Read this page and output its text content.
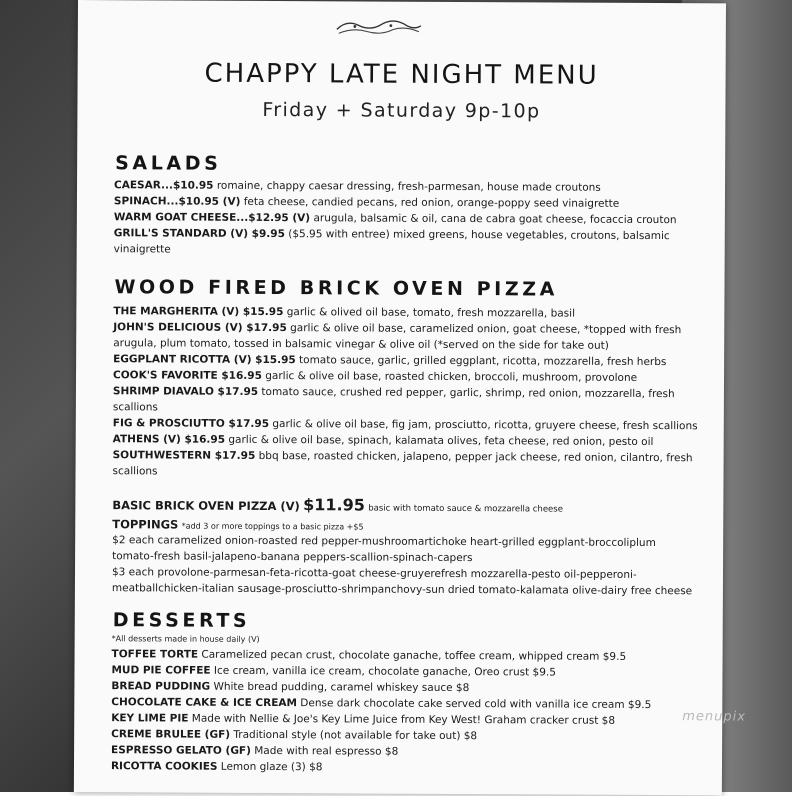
CHAPPY LATE NIGHT MENU
Friday + Saturday 9p-10p
SALADS
CAESAR...$10.95 romaine, chappy caesar dressing, fresh-parmesan, house made croutons
SPINACH...$10.95 (V) feta cheese, candied pecans, red onion, orange-poppy seed vinaigrette
WARM GOAT CHEESE...$12.95 (V) arugula, balsamic & oil, cana de cabra goat cheese, focaccia crouton
GRILL'S STANDARD (V) $9.95 ($5.95 with entree) mixed greens, house vegetables, croutons, balsamic
vinaigrette
WOOD FIRED BRICK OVEN PIZZA
THE MARGHERITA (V) $15.95 garlic & olived oil base, tomato, fresh mozzarella, basil
JOHN'S DELICIOUS (V) $17.95 garlic & olive oil base, caramelized onion, goat cheese, *topped with fresh
arugula, plum tomato, tossed in balsamic vinegar & olive oil (*served on the side for take out)
EGGPLANT RICOTTA (V) $15.95 tomato sauce, garlic, grilled eggplant, ricotta, mozzarella, fresh herbs
COOK'S FAVORITE $16.95 garlic & olive oil base, roasted chicken, broccoli, mushroom, provolone
SHRIMP DIAVALO $17.95 tomato sauce, crushed red pepper, garlic, shrimp, red onion, mozzarella, fresh
scallions
FIG & PROSCIUTTO $17.95 garlic & olive oil base, fig jam, prosciutto, ricotta, gruyere cheese, fresh scallions
ATHENS (V) $16.95 garlic & olive oil base, spinach, kalamata olives, feta cheese, red onion, pesto oil
SOUTHWESTERN $17.95 bbq base, roasted chicken, jalapeno, pepper jack cheese, red onion, cilantro, fresh
scallions
BASIC BRICK OVEN PIZZA (V) $11.95 basic with tomato sauce & mozzarella cheese
TOPPINGS *add 3 or more toppings to a basic pizza +$5
$2 each caramelized onion-roasted red pepper-mushroomartichoke heart-grilled eggplant-broccoliplum
tomato-fresh basil-jalapeno-banana peppers-scallion-spinach-capers
$3 each provolone-parmesan-feta-ricotta-goat cheese-gruyerefresh mozzarella-pesto oil-pepperoni-
meatballchicken-italian sausage-prosciutto-shrimpanchovy-sun dried tomato-kalamata olive-dairy free cheese
DESSERTS
*All desserts made in house daily (V)
TOFFEE TORTE Caramelized pecan crust, chocolate ganache, toffee cream, whipped cream $9.5
MUD PIE COFFEE Ice cream, vanilla ice cream, chocolate ganache, Oreo crust $9.5
BREAD PUDDING White bread pudding, caramel whiskey sauce $8
CHOCOLATE CAKE & ICE CREAM Dense dark chocolate cake served cold with vanilla ice cream $9.5
KEY LIME PIE Made with Nellie & Joe's Key Lime Juice from Key West! Graham cracker crust $8
CREME BRULEE (GF) Traditional style (not available for take out) $8
ESPRESSO GELATO (GF) Made with real espresso $8
RICOTTA COOKIES Lemon glaze (3) $8
menupix
